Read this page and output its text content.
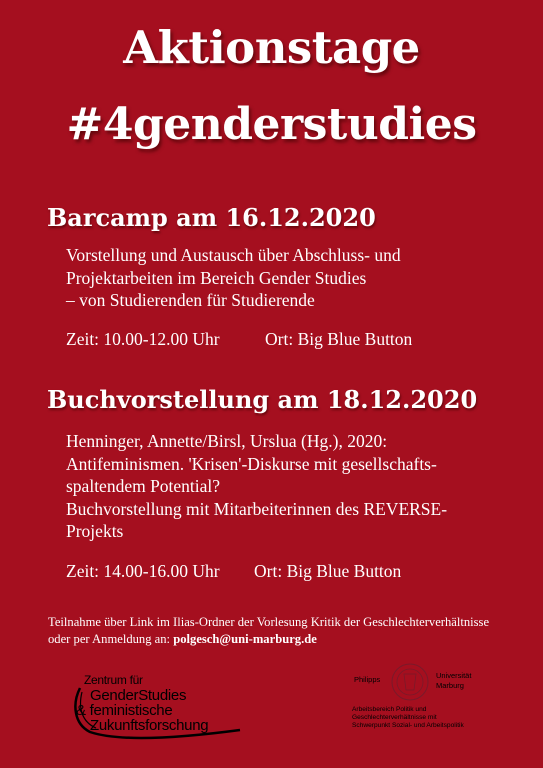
Aktionstage
#4genderstudies
Barcamp am 16.12.2020
Vorstellung und Austausch über Abschluss- und
Projektarbeiten im Bereich Gender Studies
– von Studierenden für Studierende
Zeit: 10.00-12.00 Uhr	Ort: Big Blue Button
Buchvorstellung am 18.12.2020
Henninger, Annette/Birsl, Urslua (Hg.), 2020:
Antifeminismen. 'Krisen'-Diskurse mit gesellschafts-
spaltendem Potential?
Buchvorstellung mit Mitarbeiterinnen des REVERSE-
Projekts
Zeit: 14.00-16.00 Uhr Ort: Big Blue Button
Teilnahme über Link im Ilias-Ordner der Vorlesung Kritik der Geschlechterverhältnisse
oder per Anmeldung an: polgesch@uni-marburg.de
Zentrum für
GenderStudies
& feministische
Zukunftsforschung
Philipps	Universität
Marburg
Arbeitsbereich Politik und
Geschlechterverhältnisse mit
Schwerpunkt Sozial- und Arbeitspolitik
